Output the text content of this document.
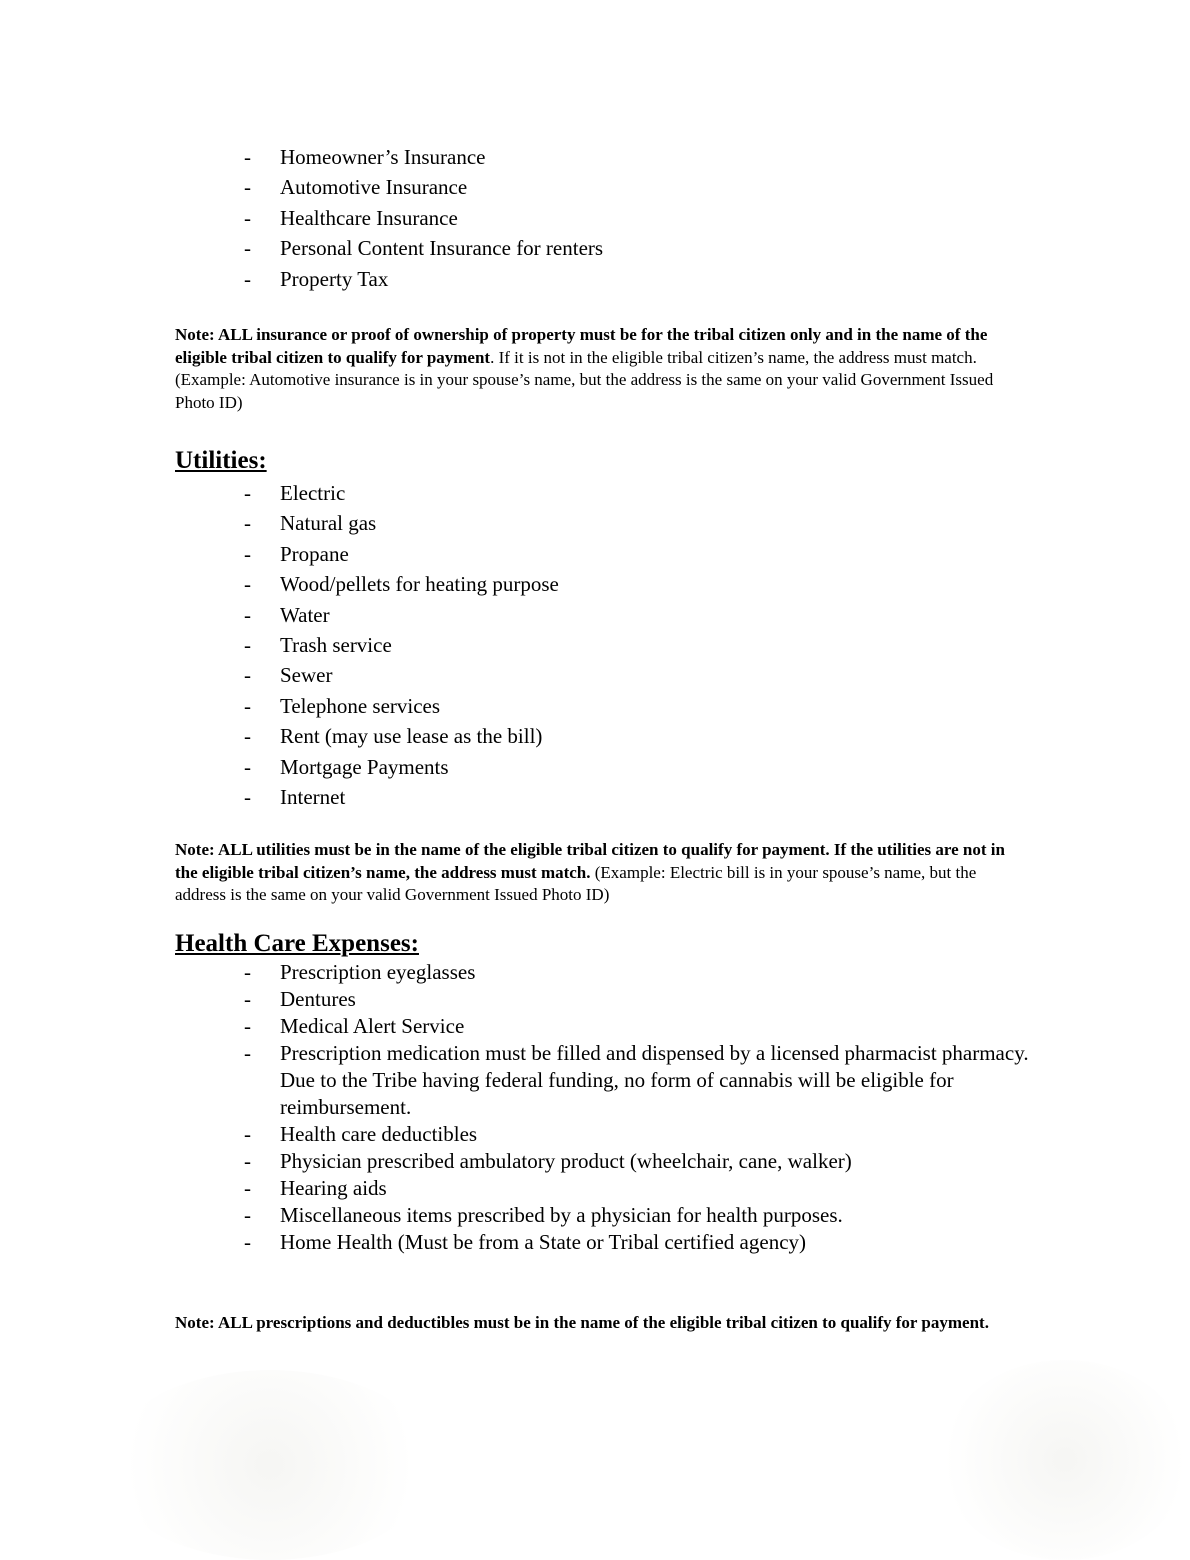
- Homeowner’s Insurance
- Automotive Insurance
- Healthcare Insurance
- Personal Content Insurance for renters
- Property Tax

Note: ALL insurance or proof of ownership of property must be for the tribal citizen only and in the name of the eligible tribal citizen to qualify for payment. If it is not in the eligible tribal citizen’s name, the address must match. (Example: Automotive insurance is in your spouse’s name, but the address is the same on your valid Government Issued Photo ID)

Utilities:
- Electric
- Natural gas
- Propane
- Wood/pellets for heating purpose
- Water
- Trash service
- Sewer
- Telephone services
- Rent (may use lease as the bill)
- Mortgage Payments
- Internet

Note: ALL utilities must be in the name of the eligible tribal citizen to qualify for payment. If the utilities are not in the eligible tribal citizen’s name, the address must match. (Example: Electric bill is in your spouse’s name, but the address is the same on your valid Government Issued Photo ID)

Health Care Expenses:
- Prescription eyeglasses
- Dentures
- Medical Alert Service
- Prescription medication must be filled and dispensed by a licensed pharmacist pharmacy. Due to the Tribe having federal funding, no form of cannabis will be eligible for reimbursement.
- Health care deductibles
- Physician prescribed ambulatory product (wheelchair, cane, walker)
- Hearing aids
- Miscellaneous items prescribed by a physician for health purposes.
- Home Health (Must be from a State or Tribal certified agency)

Note: ALL prescriptions and deductibles must be in the name of the eligible tribal citizen to qualify for payment.
